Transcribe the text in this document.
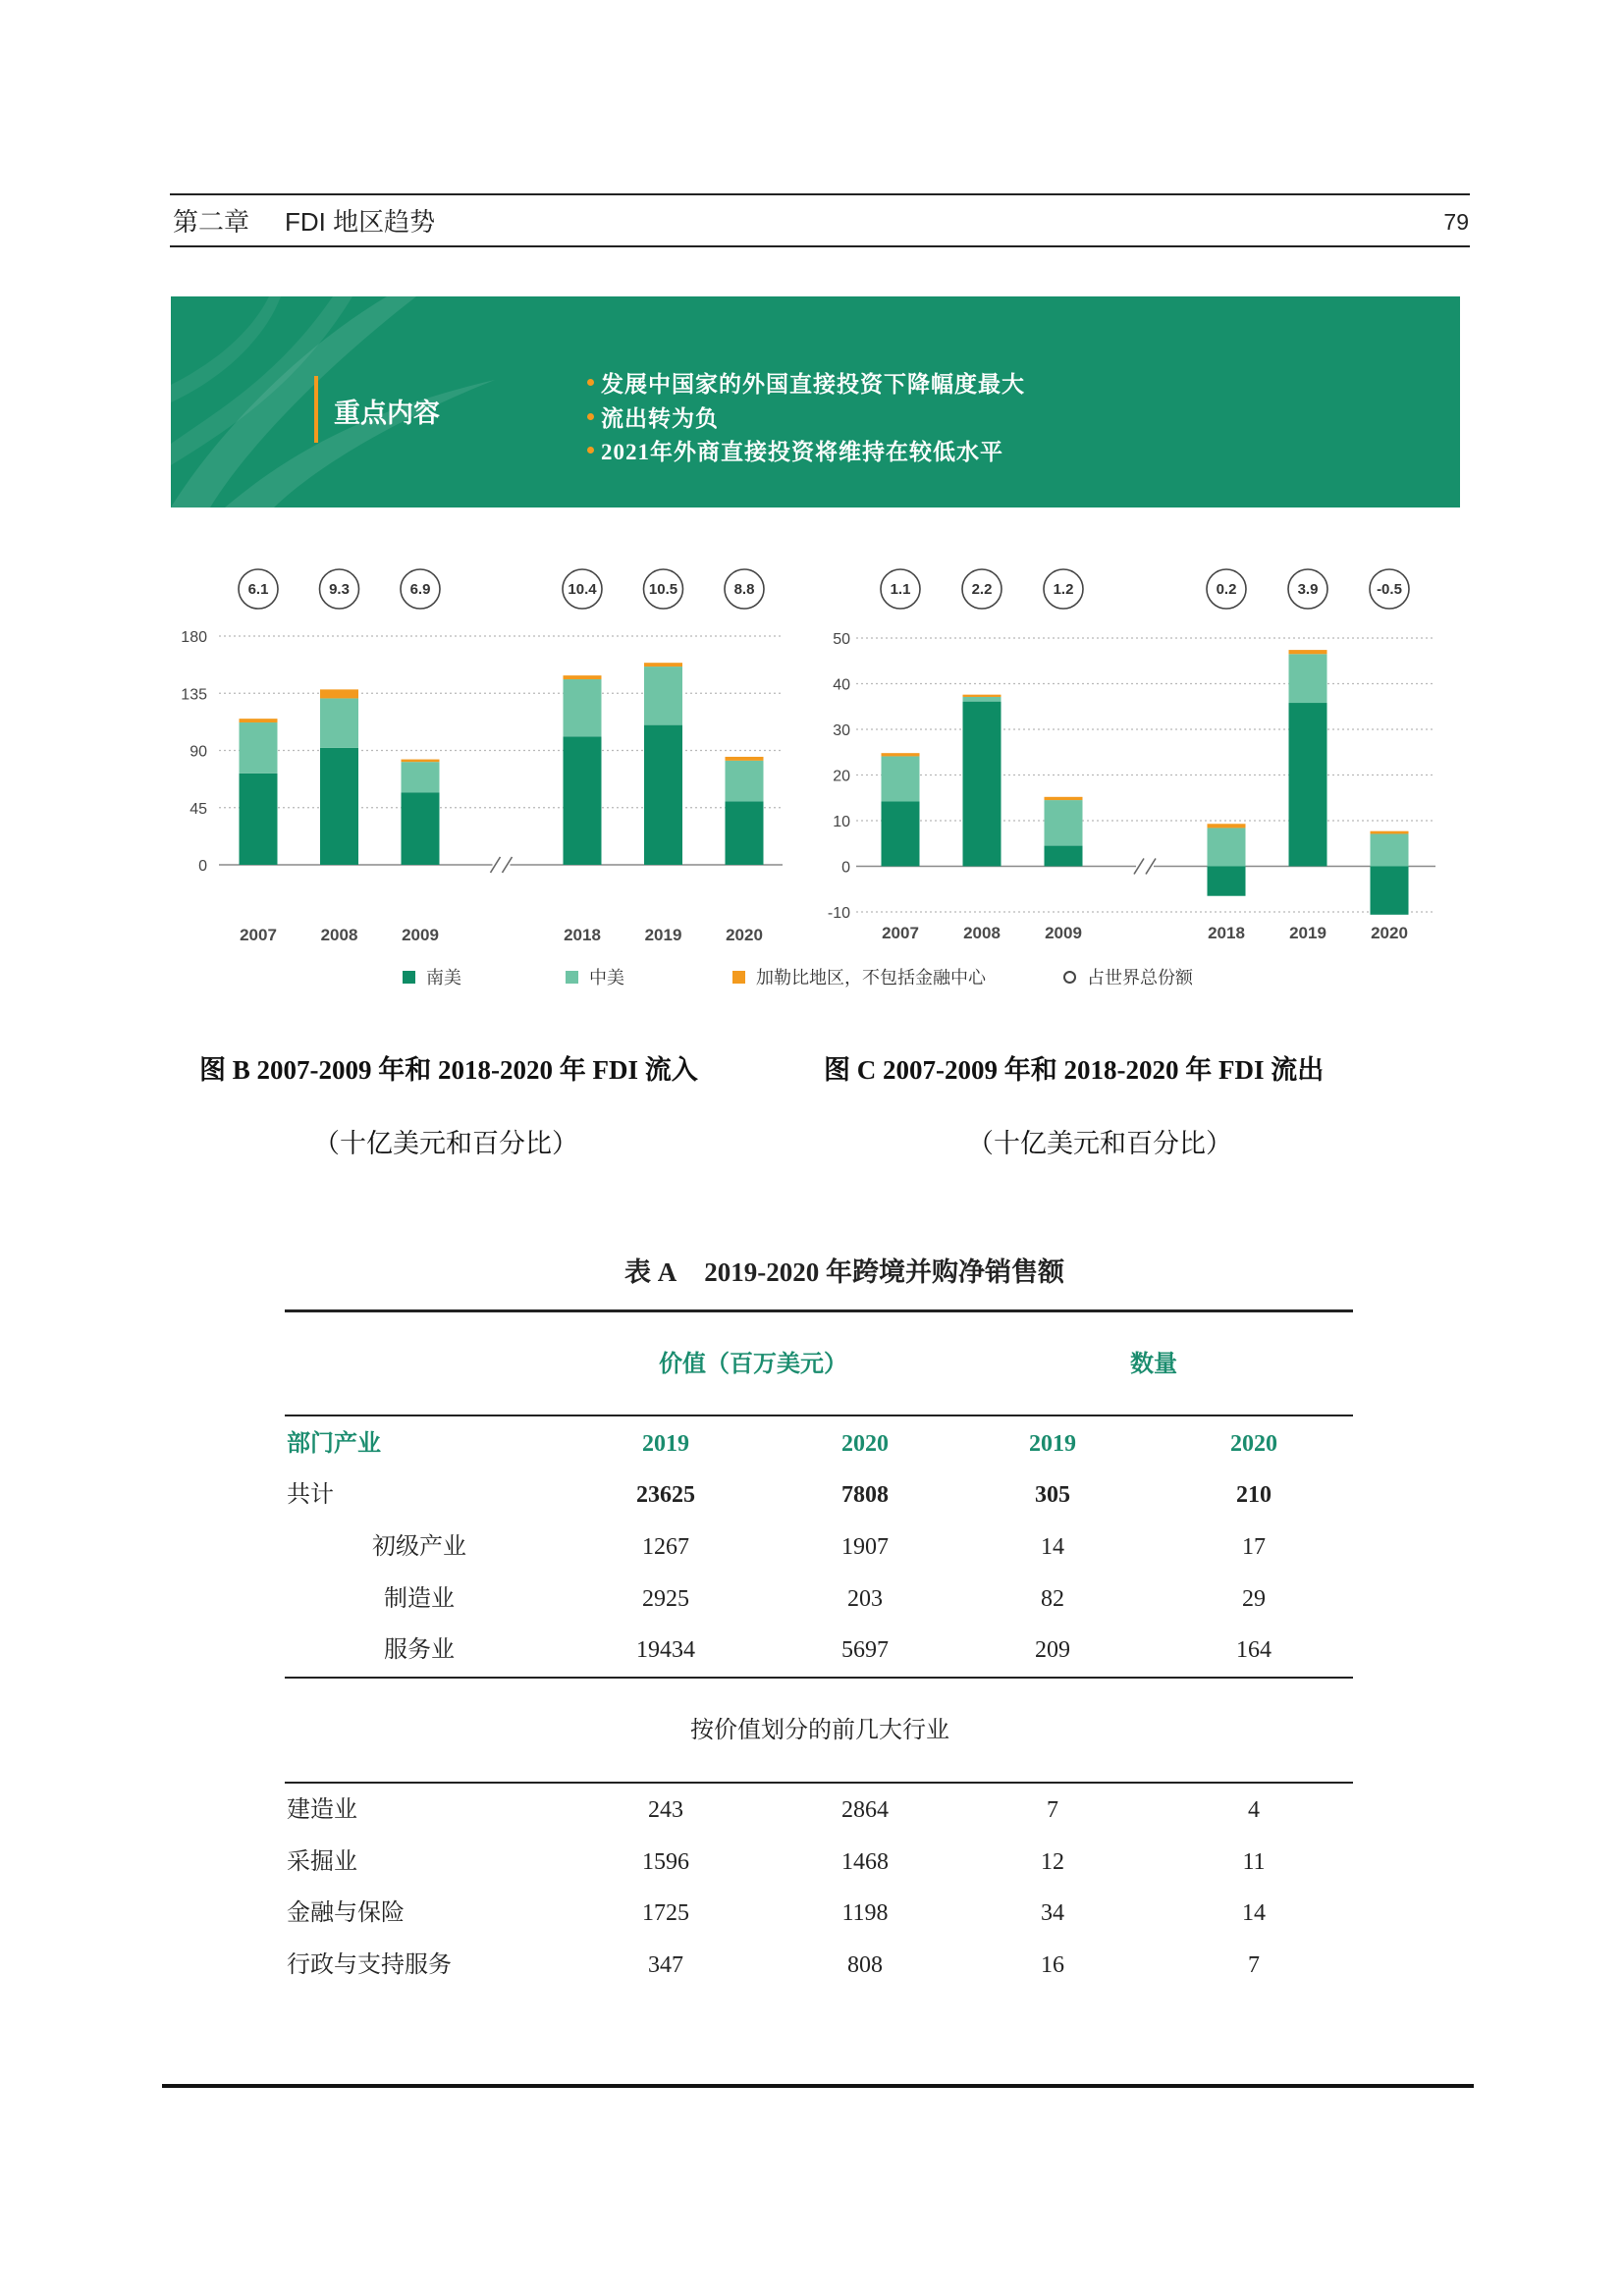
第二章 FDI 地区趋势	79
重点内容
发展中国家的外国直接投资下降幅度最大
流出转为负
2021年外商直接投资将维持在较低水平
0
45
90
135
180
2007
6.1
2008
9.3
2009
6.9
2018
10.4
2019
10.5
2020
8.8
-10
0
10
20
30
40
50
2007
1.1
2008
2.2
2009
1.2
2018
0.2
2019
3.9
2020
-0.5
南美	中美	加勒比地区，不包括金融中心	占世界总份额
图 B 2007-2009 年和 2018-2020 年 FDI 流入
（十亿美元和百分比）
图 C 2007-2009 年和 2018-2020 年 FDI 流出
（十亿美元和百分比）
表 A 2019-2020 年跨境并购净销售额
价值（百万美元）	数量
部门产业	2019	2020	2019	2020
共计	23625	7808	305	210
初级产业	1267	1907	14	17
制造业	2925	203	82	29
服务业	19434	5697	209	164
按价值划分的前几大行业
建造业	243	2864	7	4
采掘业	1596	1468	12	11
金融与保险	1725	1198	34	14
行政与支持服务	347	808	16	7
